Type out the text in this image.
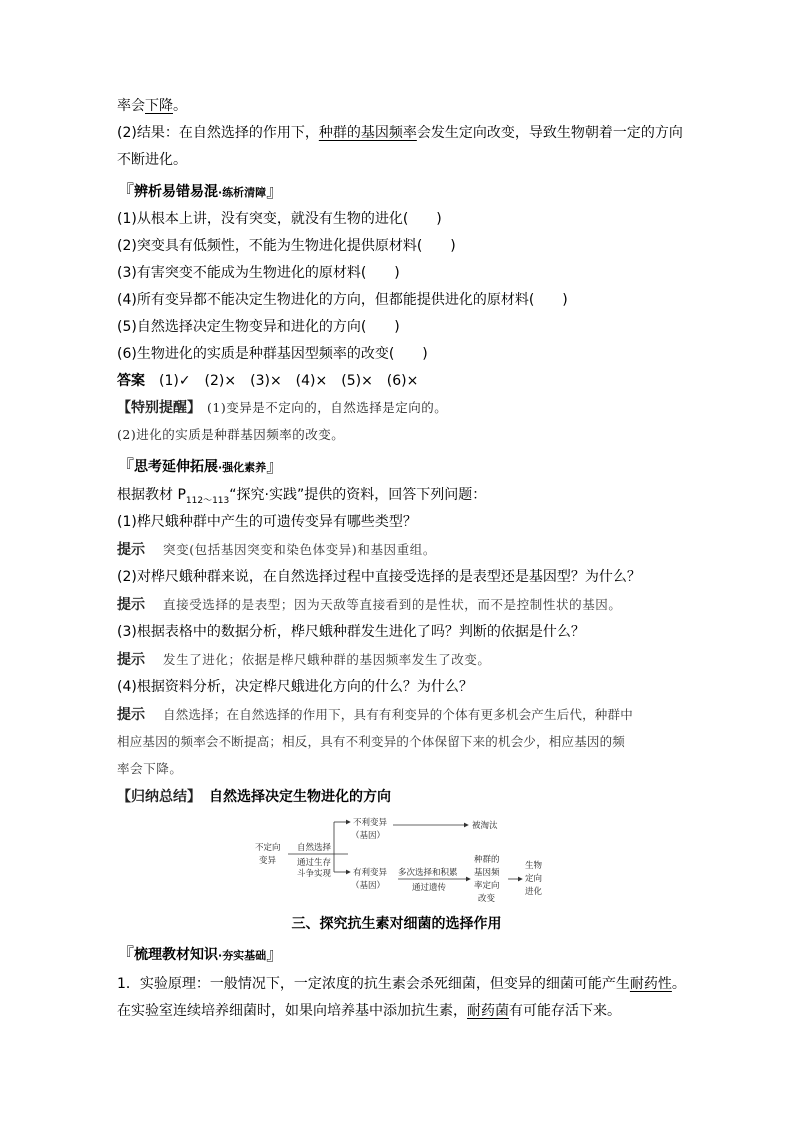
率会下降。
(2)结果：在自然选择的作用下，种群的基因频率会发生定向改变，导致生物朝着一定的方向
不断进化。
『辨析易错易混·练析清障』
(1)从根本上讲，没有突变，就没有生物的进化(　　)
(2)突变具有低频性，不能为生物进化提供原材料(　　)
(3)有害突变不能成为生物进化的原材料(　　)
(4)所有变异都不能决定生物进化的方向，但都能提供进化的原材料(　　)
(5)自然选择决定生物变异和进化的方向(　　)
(6)生物进化的实质是种群基因型频率的改变(　　)
答案 (1)✓　(2)×　(3)×　(4)×　(5)×　(6)×
【特别提醒】 (1)变异是不定向的，自然选择是定向的。
(2)进化的实质是种群基因频率的改变。
『思考延伸拓展·强化素养』
根据教材 $P_{112\sim 113}“$探究·实践”提供的资料，回答下列问题：
(1)桦尺蛾种群中产生的可遗传变异有哪些类型？
提示 突变(包括基因突变和染色体变异)和基因重组。
(2)对桦尺蛾种群来说，在自然选择过程中直接受选择的是表型还是基因型？为什么？
提示 直接受选择的是表型；因为天敌等直接看到的是性状，而不是控制性状的基因。
(3)根据表格中的数据分析，桦尺蛾种群发生进化了吗？判断的依据是什么？
提示 发生了进化；依据是桦尺蛾种群的基因频率发生了改变。
(4)根据资料分析，决定桦尺蛾进化方向的什么？为什么？
提示 自然选择；在自然选择的作用下，具有有利变异的个体有更多机会产生后代，种群中
相应基因的频率会不断提高；相反，具有不利变异的个体保留下来的机会少，相应基因的频
率会下降。
【归纳总结】 自然选择决定生物进化的方向
不定向
变异
自然选择
通过生存
斗争实现
不利变异
（基因）
被淘汰
有利变异
（基因）
多次选择和积累
通过遗传
种群的
基因频
率定向
改变
生物
定向
进化
三、探究抗生素对细菌的选择作用
『梳理教材知识·夯实基础』
1．实验原理：一般情况下，一定浓度的抗生素会杀死细菌，但变异的细菌可能产生耐药性。
在实验室连续培养细菌时，如果向培养基中添加抗生素，耐药菌有可能存活下来。
